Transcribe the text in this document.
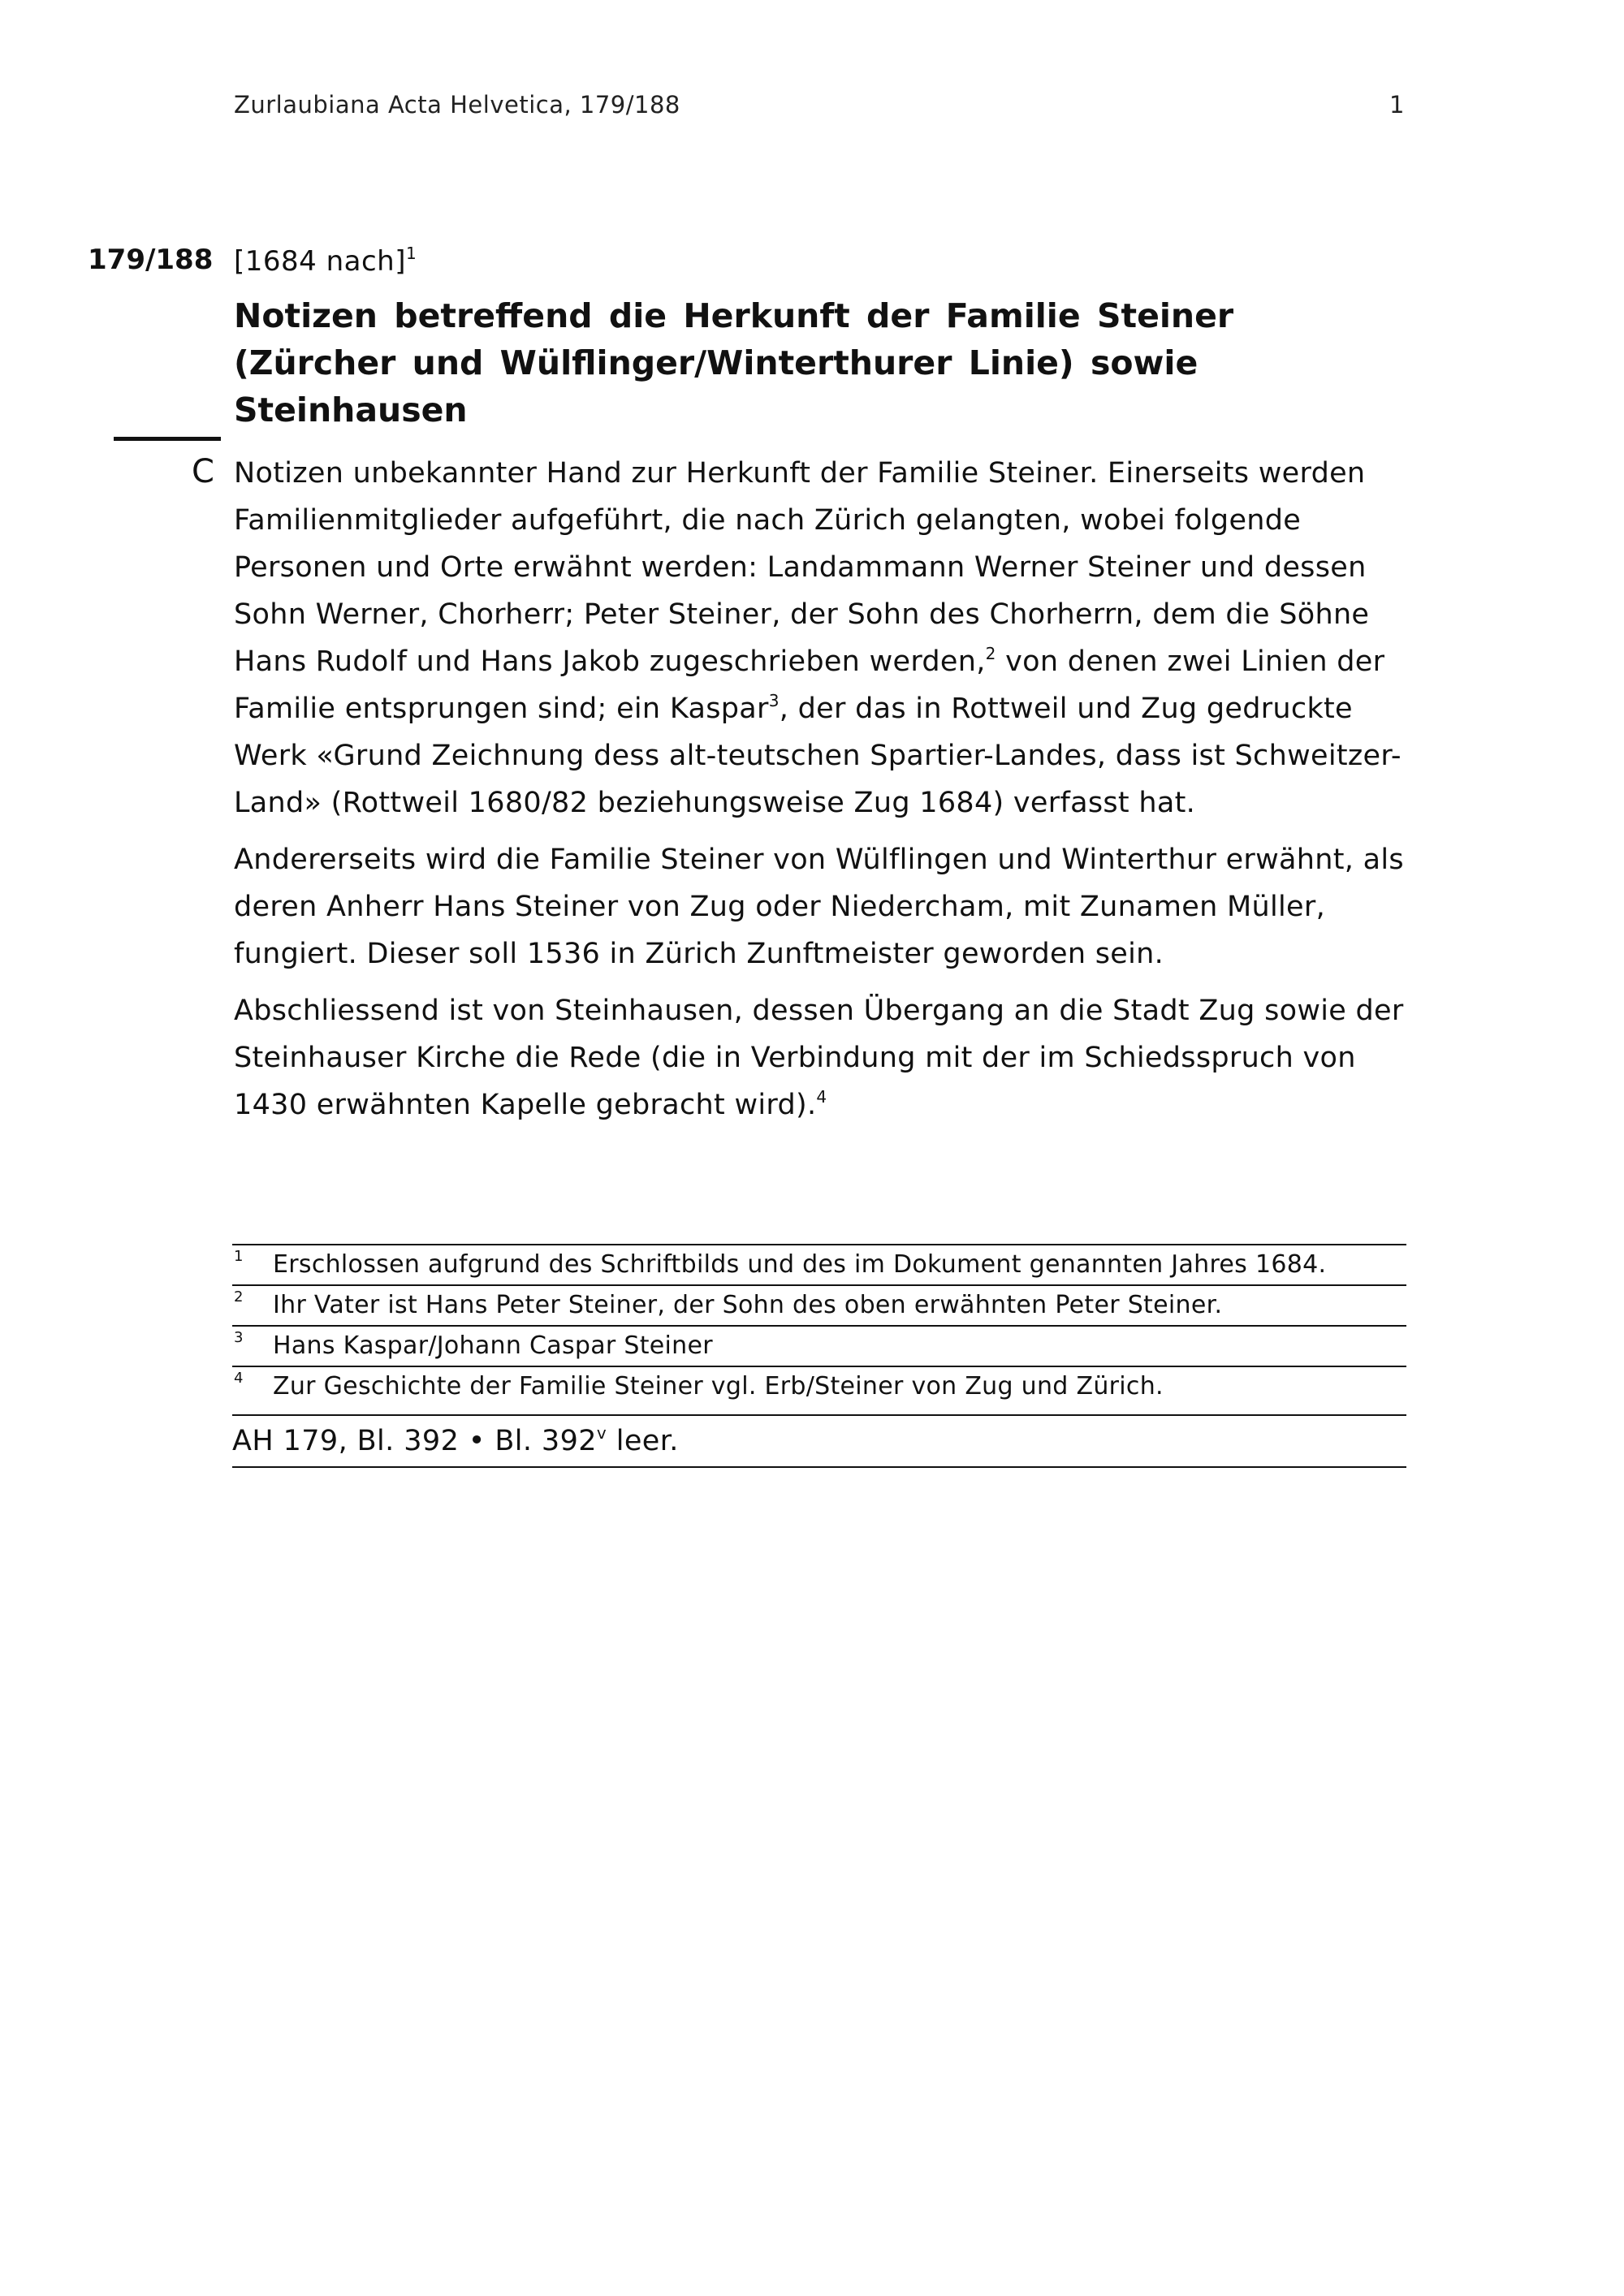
Zurlaubiana Acta Helvetica, 179/188	1
179/188 [1684 nach]$^1$
Notizen betreffend die Herkunft der Familie Steiner (Zürcher und Wülflinger/Winterthurer Linie) sowie Steinhausen
C Notizen unbekannter Hand zur Herkunft der Familie Steiner. Einerseits werden Familienmitglieder aufgeführt, die nach Zürich gelangten, wobei folgende Personen und Orte erwähnt werden: Landammann Werner Steiner und dessen Sohn Werner, Chorherr; Peter Steiner, der Sohn des Chorherrn, dem die Söhne Hans Rudolf und Hans Jakob zugeschrieben werden,$^2$ von denen zwei Linien der Familie entsprungen sind; ein Kaspar$^3$, der das in Rottweil und Zug gedruckte Werk «Grund Zeichnung dess alt-teutschen Spartier-Landes, dass ist Schweitzer-Land» (Rottweil 1680/82 beziehungsweise Zug 1684) verfasst hat.

Andererseits wird die Familie Steiner von Wülflingen und Winterthur erwähnt, als deren Anherr Hans Steiner von Zug oder Niedercham, mit Zunamen Müller, fungiert. Dieser soll 1536 in Zürich Zunftmeister geworden sein.

Abschliessend ist von Steinhausen, dessen Übergang an die Stadt Zug sowie der Steinhauser Kirche die Rede (die in Verbindung mit der im Schiedsspruch von 1430 erwähnten Kapelle gebracht wird).$^4$

1 Erschlossen aufgrund des Schriftbilds und des im Dokument genannten Jahres 1684.
2 Ihr Vater ist Hans Peter Steiner, der Sohn des oben erwähnten Peter Steiner.
3 Hans Kaspar/Johann Caspar Steiner
4 Zur Geschichte der Familie Steiner vgl. Erb/Steiner von Zug und Zürich.
AH 179, Bl. 392 • Bl. 392$^v$ leer.
